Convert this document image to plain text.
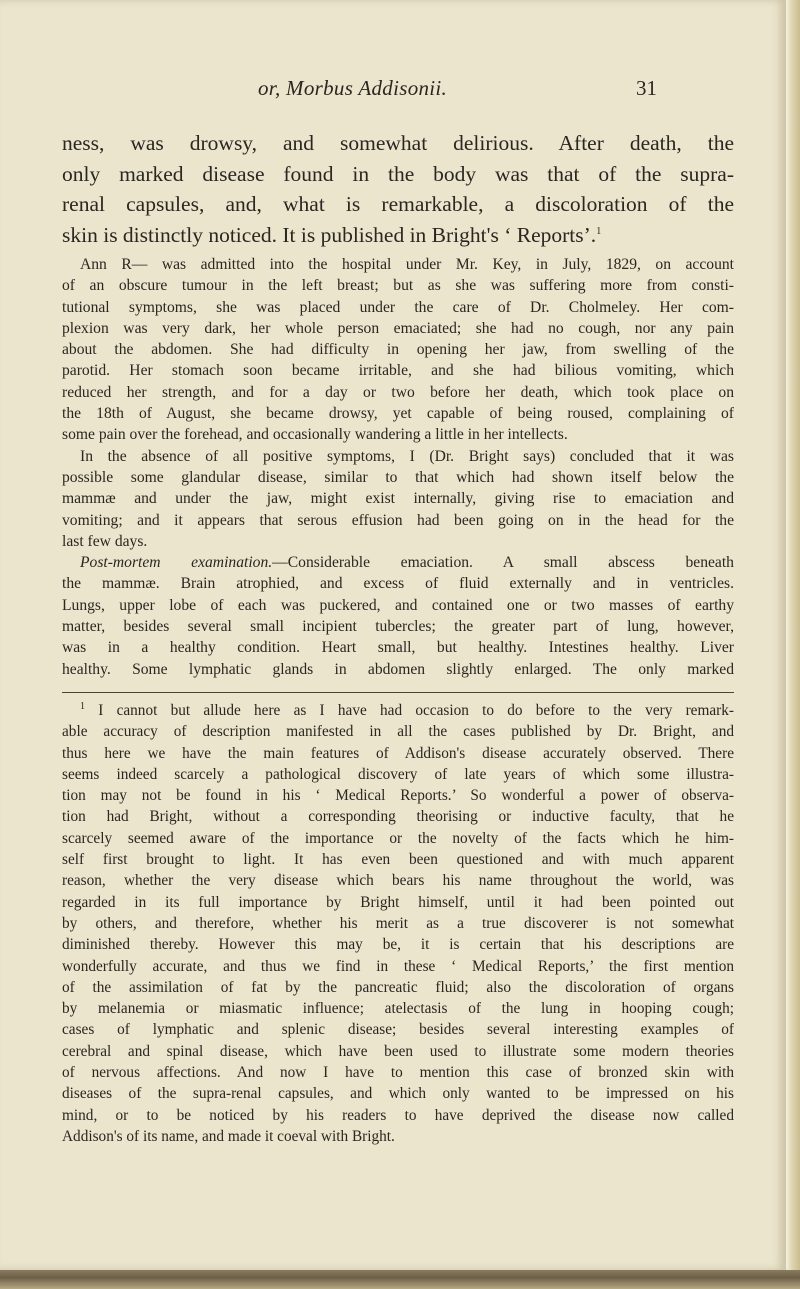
or, Morbus Addisonii.	31
ness, was drowsy, and somewhat delirious. After death, the
only marked disease found in the body was that of the supra-
renal capsules, and, what is remarkable, a discoloration of the
skin is distinctly noticed. It is published in Bright's ‘ Reports’.$^1$
Ann R— was admitted into the hospital under Mr. Key, in July, 1829, on account
of an obscure tumour in the left breast; but as she was suffering more from consti-
tutional symptoms, she was placed under the care of Dr. Cholmeley. Her com-
plexion was very dark, her whole person emaciated; she had no cough, nor any pain
about the abdomen. She had difficulty in opening her jaw, from swelling of the
parotid. Her stomach soon became irritable, and she had bilious vomiting, which
reduced her strength, and for a day or two before her death, which took place on
the 18th of August, she became drowsy, yet capable of being roused, complaining of
some pain over the forehead, and occasionally wandering a little in her intellects.
In the absence of all positive symptoms, I (Dr. Bright says) concluded that it was
possible some glandular disease, similar to that which had shown itself below the
mammæ and under the jaw, might exist internally, giving rise to emaciation and
vomiting; and it appears that serous effusion had been going on in the head for the
last few days.
Post-mortem examination.—Considerable emaciation. A small abscess beneath
the mammæ. Brain atrophied, and excess of fluid externally and in ventricles.
Lungs, upper lobe of each was puckered, and contained one or two masses of earthy
matter, besides several small incipient tubercles; the greater part of lung, however,
was in a healthy condition. Heart small, but healthy. Intestines healthy. Liver
healthy. Some lymphatic glands in abdomen slightly enlarged. The only marked
$^1$ I cannot but allude here as I have had occasion to do before to the very remark-
able accuracy of description manifested in all the cases published by Dr. Bright, and
thus here we have the main features of Addison's disease accurately observed. There
seems indeed scarcely a pathological discovery of late years of which some illustra-
tion may not be found in his ‘ Medical Reports.’ So wonderful a power of observa-
tion had Bright, without a corresponding theorising or inductive faculty, that he
scarcely seemed aware of the importance or the novelty of the facts which he him-
self first brought to light. It has even been questioned and with much apparent
reason, whether the very disease which bears his name throughout the world, was
regarded in its full importance by Bright himself, until it had been pointed out
by others, and therefore, whether his merit as a true discoverer is not somewhat
diminished thereby. However this may be, it is certain that his descriptions are
wonderfully accurate, and thus we find in these ‘ Medical Reports,’ the first mention
of the assimilation of fat by the pancreatic fluid; also the discoloration of organs
by melanemia or miasmatic influence; atelectasis of the lung in hooping cough;
cases of lymphatic and splenic disease; besides several interesting examples of
cerebral and spinal disease, which have been used to illustrate some modern theories
of nervous affections. And now I have to mention this case of bronzed skin with
diseases of the supra-renal capsules, and which only wanted to be impressed on his
mind, or to be noticed by his readers to have deprived the disease now called
Addison's of its name, and made it coeval with Bright.
